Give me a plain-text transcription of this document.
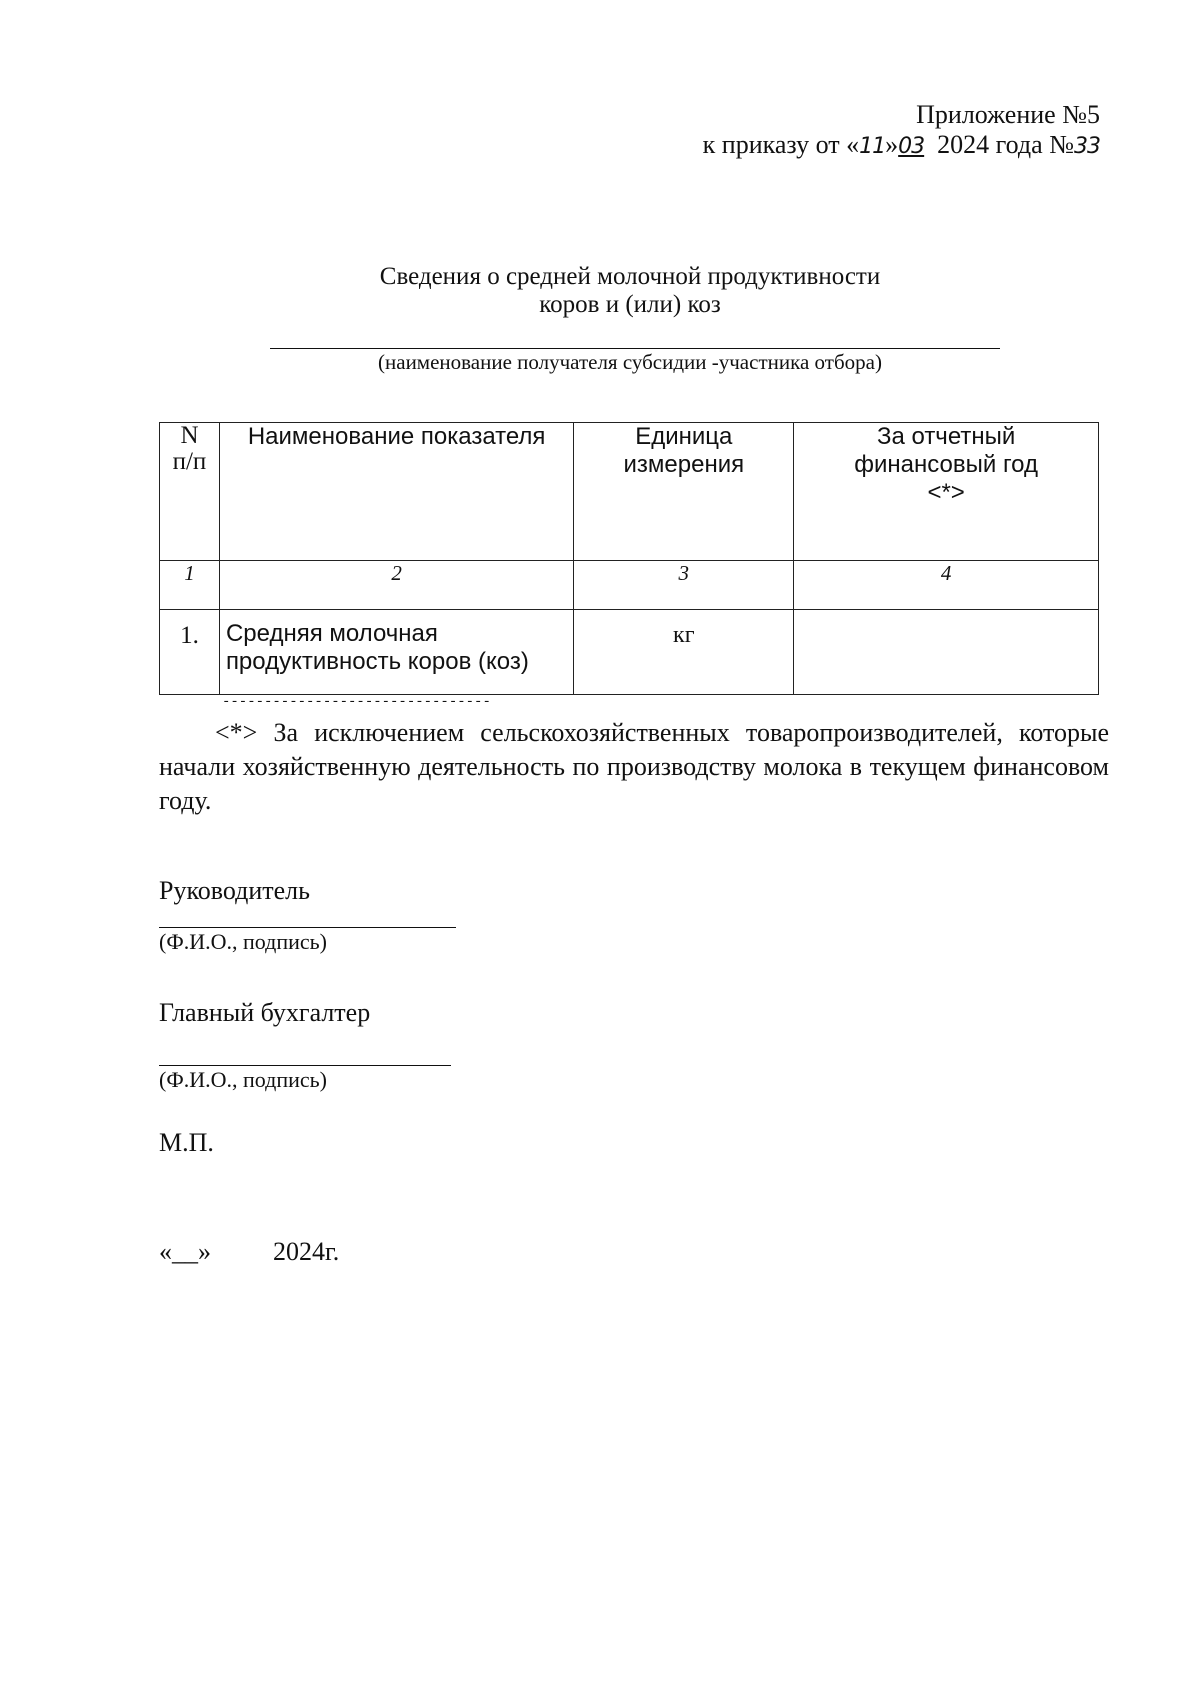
Приложение №5
к приказу от «11»03 2024 года №33
Сведения о средней молочной продуктивности
коров и (или) коз
(наименование получателя субсидии -участника отбора)
N п/п	Наименование показателя	Единица измерения	За отчетный финансовый год <*>
1	2	3	4
1.	Средняя молочная продуктивность коров (коз)	кг	
--------------------------------
<*> За исключением сельскохозяйственных товаропроизводителей, которые начали хозяйственную деятельность по производству молока в текущем финансовом году.
Руководитель
(Ф.И.О., подпись)
Главный бухгалтер
(Ф.И.О., подпись)
М.П.
«__» 2024г.
